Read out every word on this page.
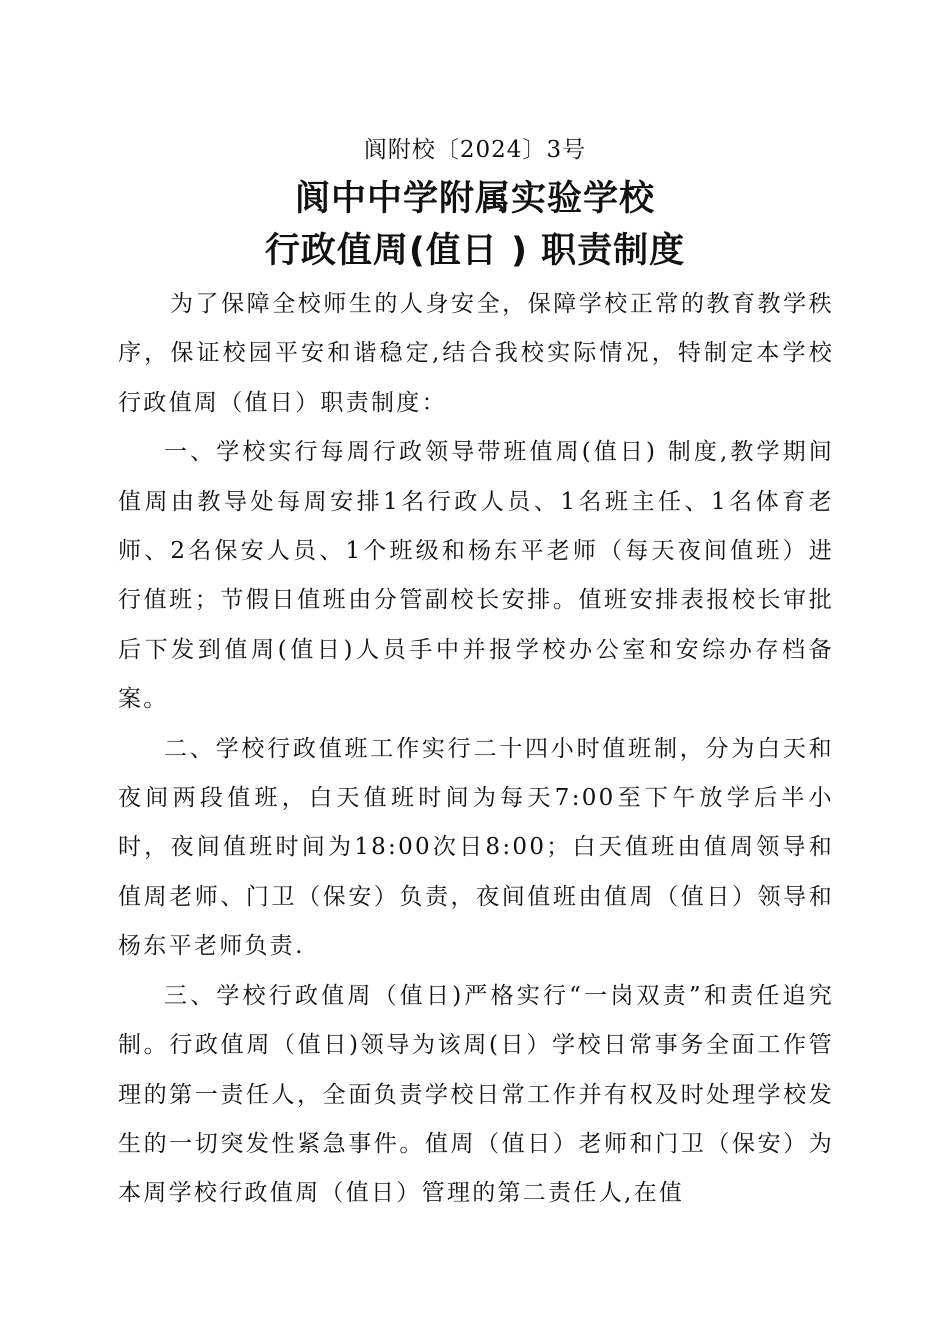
阆附校〔2024〕3号
阆中中学附属实验学校
行政值周(值日 ) 职责制度

为了保障全校师生的人身安全，保障学校正常的教育教学秩序，保证校园平安和谐稳定,结合我校实际情况，特制定本学校行政值周（值日）职责制度：

一、学校实行每周行政领导带班值周(值日) 制度,教学期间值周由教导处每周安排1名行政人员、1名班主任、1名体育老师、2名保安人员、1个班级和杨东平老师（每天夜间值班）进行值班；节假日值班由分管副校长安排。值班安排表报校长审批后下发到值周(值日)人员手中并报学校办公室和安综办存档备案。

二、学校行政值班工作实行二十四小时值班制，分为白天和夜间两段值班，白天值班时间为每天7:00至下午放学后半小时，夜间值班时间为18:00次日8:00；白天值班由值周领导和值周老师、门卫（保安）负责，夜间值班由值周（值日）领导和杨东平老师负责.

三、学校行政值周（值日)严格实行“一岗双责”和责任追究制。行政值周（值日)领导为该周(日）学校日常事务全面工作管理的第一责任人，全面负责学校日常工作并有权及时处理学校发生的一切突发性紧急事件。值周（值日）老师和门卫（保安）为本周学校行政值周（值日）管理的第二责任人,在值
